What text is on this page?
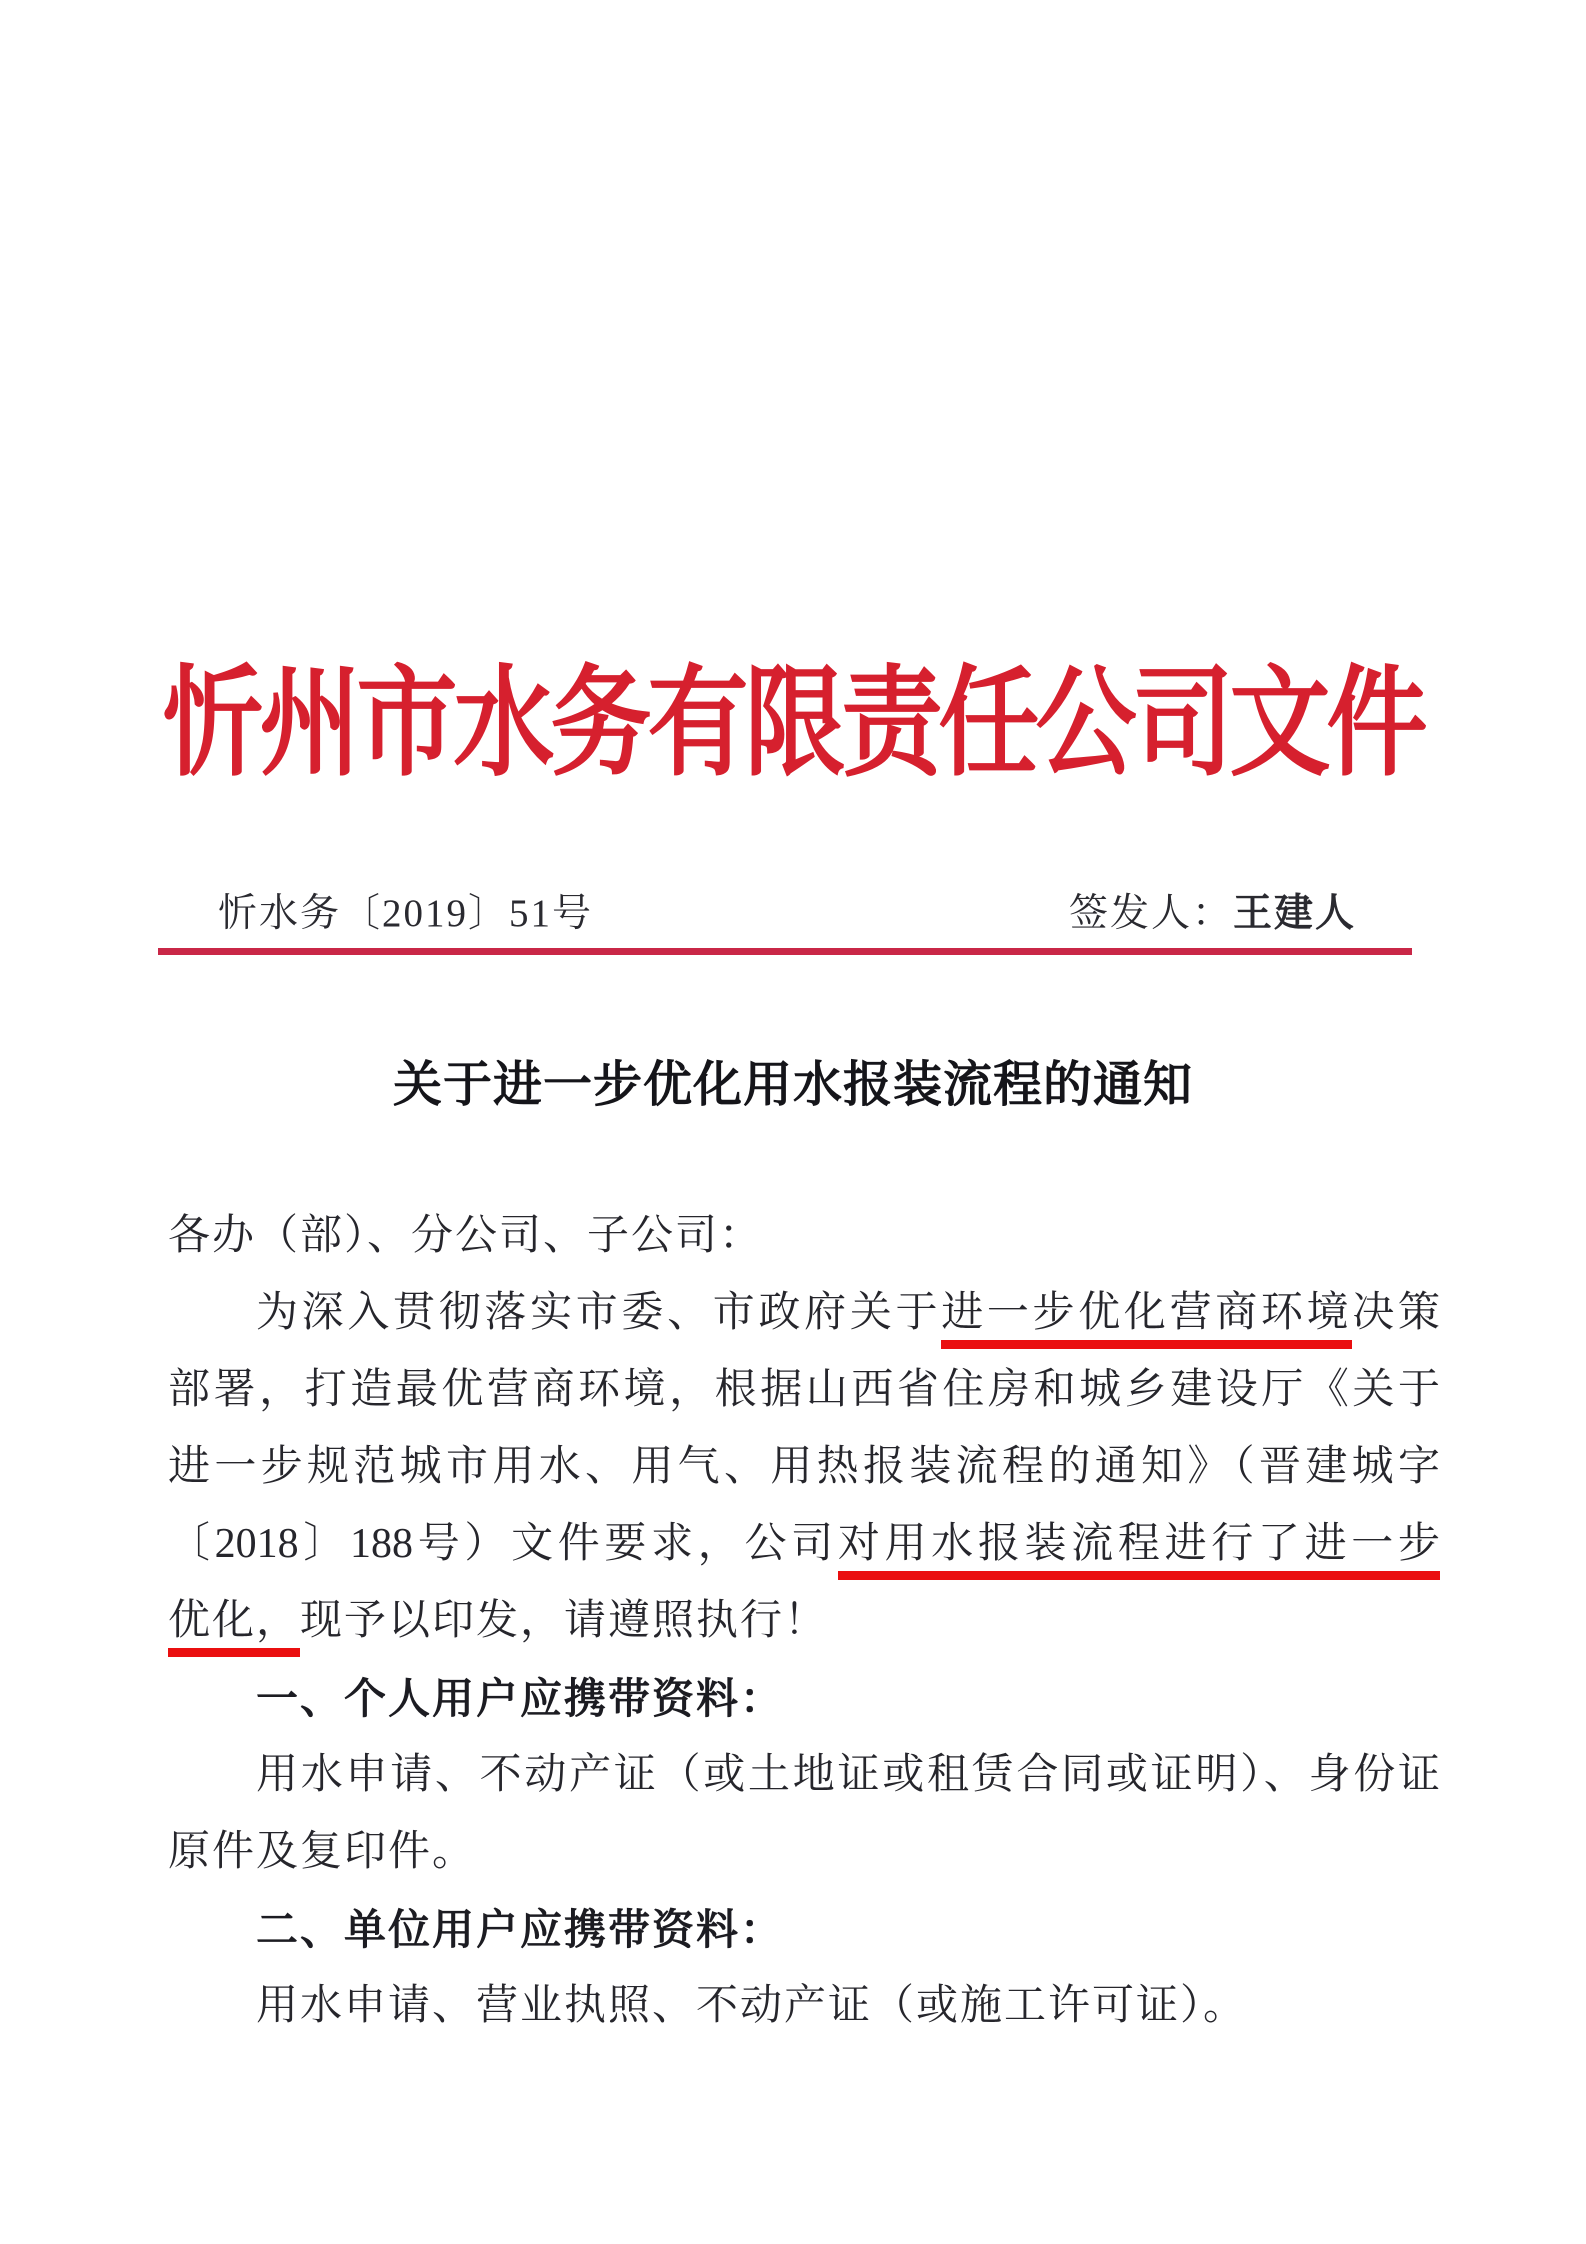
忻州市水务有限责任公司文件
忻水务〔2019〕51号	签发人：王建人
关于进一步优化用水报装流程的通知
各办（部）、分公司、子公司：
为深入贯彻落实市委、市政府关于进一步优化营商环境决策
部署，打造最优营商环境，根据山西省住房和城乡建设厅《关于
进一步规范城市用水、用气、用热报装流程的通知》（晋建城字
〔2018〕188号）文件要求，公司对用水报装流程进行了进一步
优化，现予以印发，请遵照执行！
一、个人用户应携带资料：
用水申请、不动产证（或土地证或租赁合同或证明）、身份证
原件及复印件。
二、单位用户应携带资料：
用水申请、营业执照、不动产证（或施工许可证）。
